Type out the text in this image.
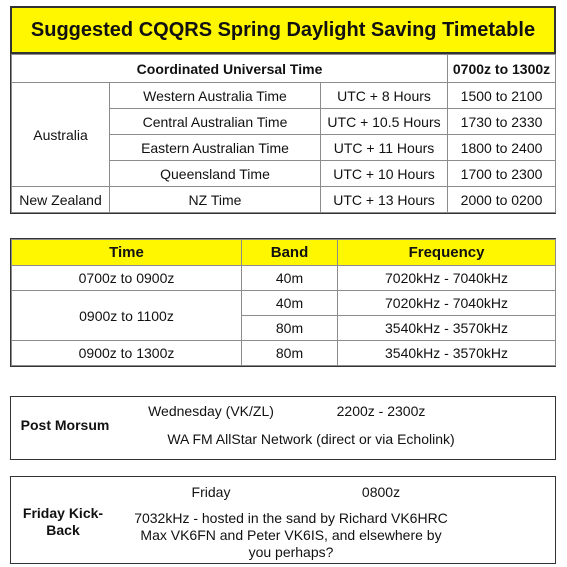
Suggested CQQRS Spring Daylight Saving Timetable
Coordinated Universal Time			0700z to 1300z
Australia	Western Australia Time	UTC + 8 Hours	1500 to 2100
	Central Australian Time	UTC + 10.5 Hours	1730 to 2330
	Eastern Australian Time	UTC + 11 Hours	1800 to 2400
	Queensland Time	UTC + 10 Hours	1700 to 2300
New Zealand	NZ Time	UTC + 13 Hours	2000 to 0200
Time	Band	Frequency
0700z to 0900z	40m	7020kHz - 7040kHz
0900z to 1100z	40m	7020kHz - 7040kHz
	80m	3540kHz - 3570kHz
0900z to 1300z	80m	3540kHz - 3570kHz
Post Morsum
Wednesday (VK/ZL)	2200z - 2300z
WA FM AllStar Network (direct or via Echolink)
Friday Kick-
Back
Friday	0800z
7032kHz - hosted in the sand by Richard VK6HRC
Max VK6FN and Peter VK6IS, and elsewhere by
you perhaps?
